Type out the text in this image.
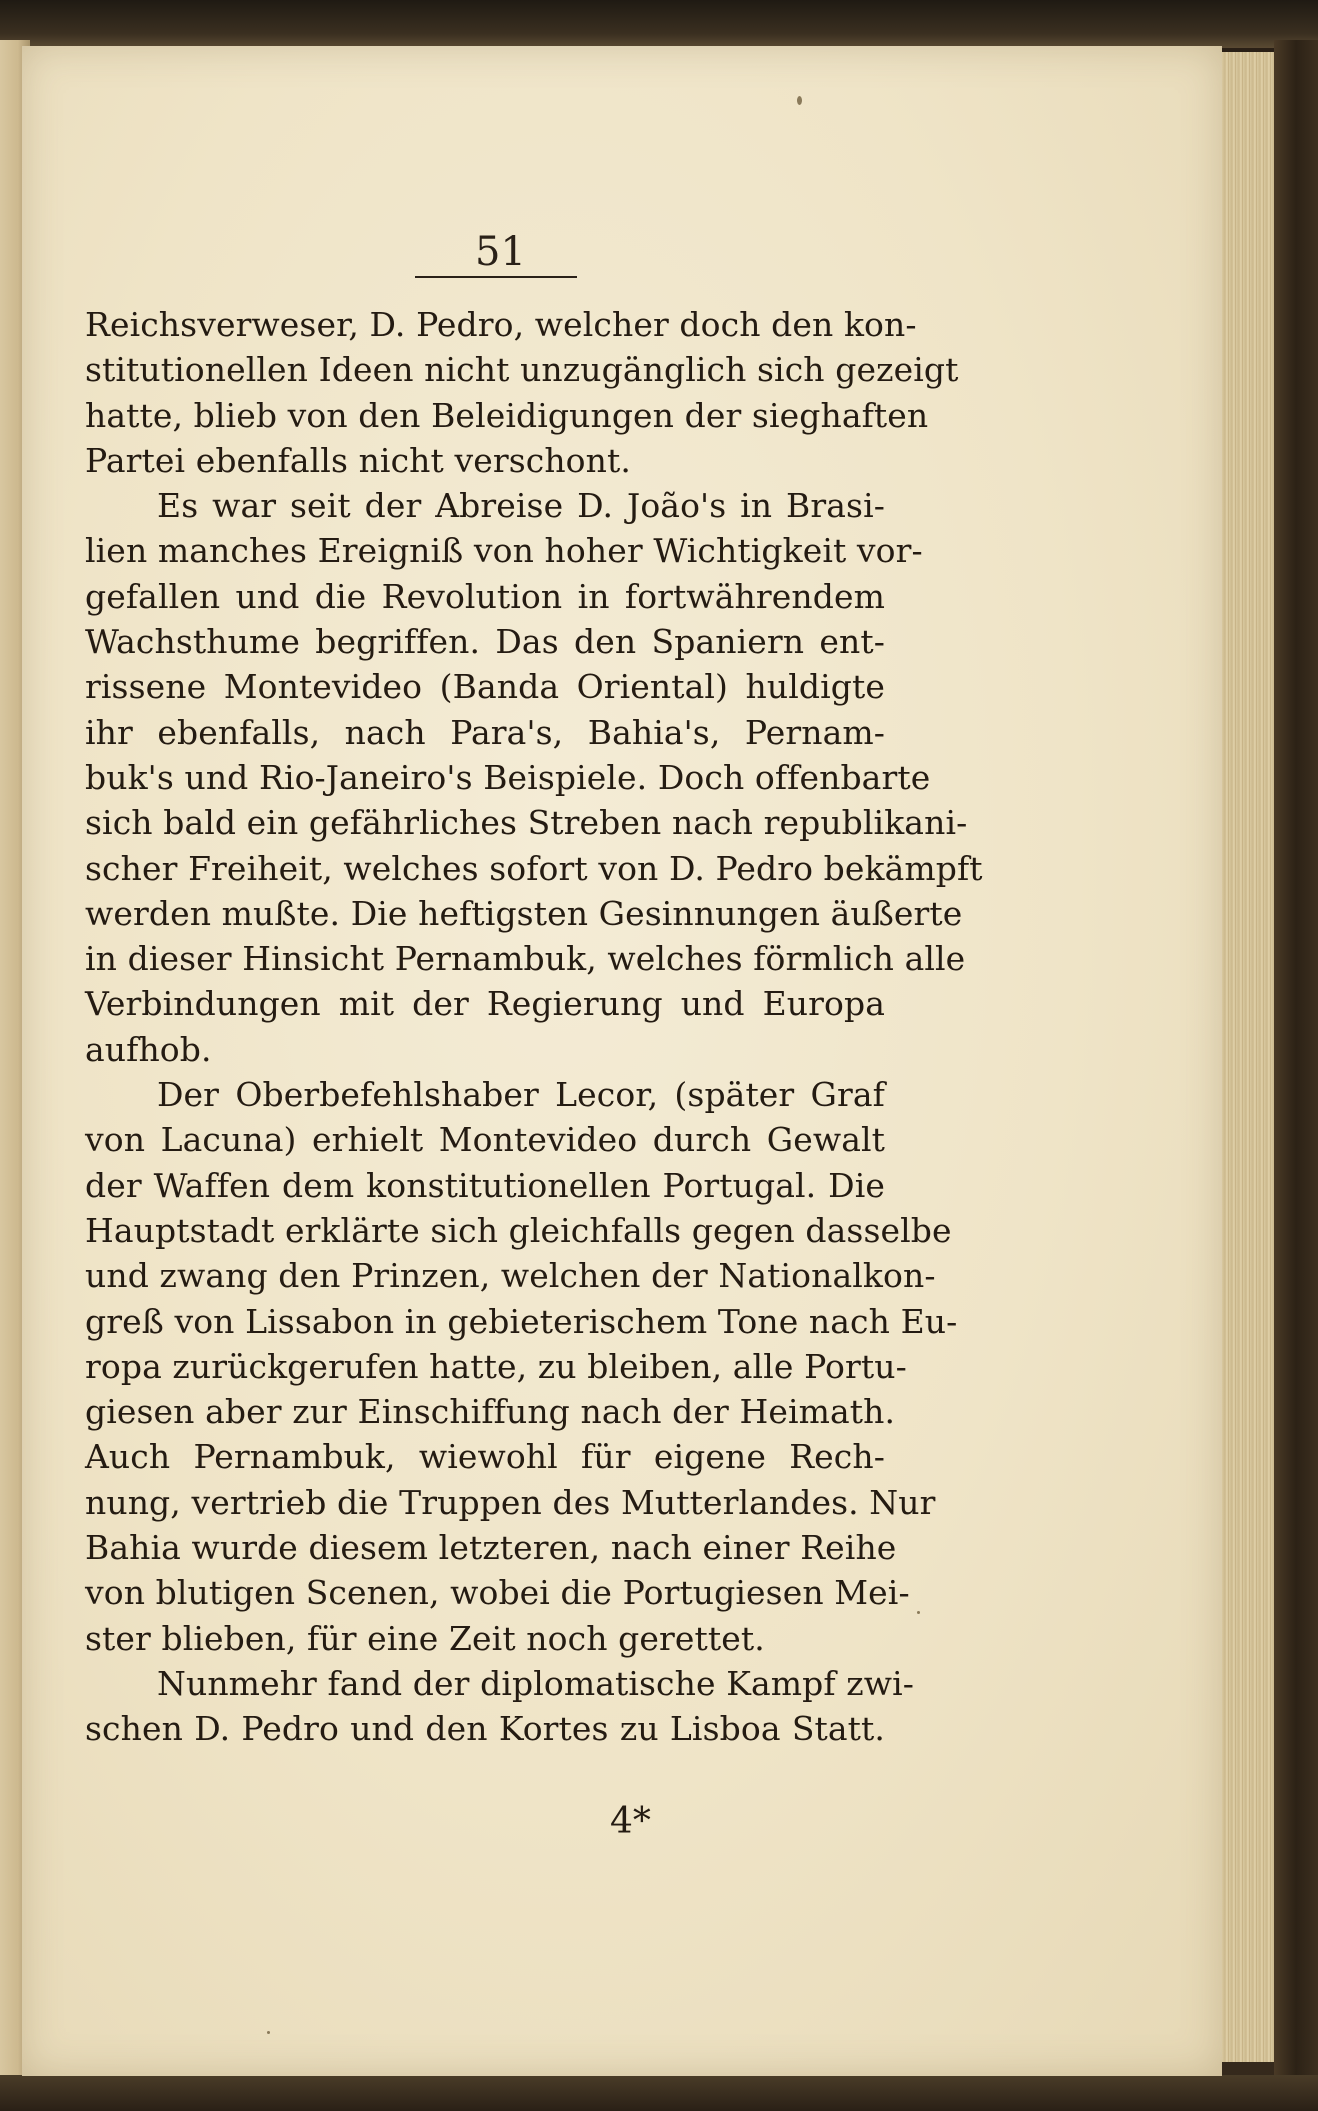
51
Reichsverweser, D. Pedro, welcher doch den kon-
stitutionellen Ideen nicht unzugänglich sich gezeigt
hatte, blieb von den Beleidigungen der sieghaften
Partei ebenfalls nicht verschont.
Es war seit der Abreise D. João's in Brasi-
lien manches Ereigniß von hoher Wichtigkeit vor-
gefallen und die Revolution in fortwährendem
Wachsthume begriffen. Das den Spaniern ent-
rissene Montevideo (Banda Oriental) huldigte
ihr ebenfalls, nach Para's, Bahia's, Pernam-
buk's und Rio-Janeiro's Beispiele. Doch offenbarte
sich bald ein gefährliches Streben nach republikani-
scher Freiheit, welches sofort von D. Pedro bekämpft
werden mußte. Die heftigsten Gesinnungen äußerte
in dieser Hinsicht Pernambuk, welches förmlich alle
Verbindungen mit der Regierung und Europa
aufhob.
Der Oberbefehlshaber Lecor, (später Graf
von Lacuna) erhielt Montevideo durch Gewalt
der Waffen dem konstitutionellen Portugal. Die
Hauptstadt erklärte sich gleichfalls gegen dasselbe
und zwang den Prinzen, welchen der Nationalkon-
greß von Lissabon in gebieterischem Tone nach Eu-
ropa zurückgerufen hatte, zu bleiben, alle Portu-
giesen aber zur Einschiffung nach der Heimath.
Auch Pernambuk, wiewohl für eigene Rech-
nung, vertrieb die Truppen des Mutterlandes. Nur
Bahia wurde diesem letzteren, nach einer Reihe
von blutigen Scenen, wobei die Portugiesen Mei-
ster blieben, für eine Zeit noch gerettet.
Nunmehr fand der diplomatische Kampf zwi-
schen D. Pedro und den Kortes zu Lisboa Statt.
4*
